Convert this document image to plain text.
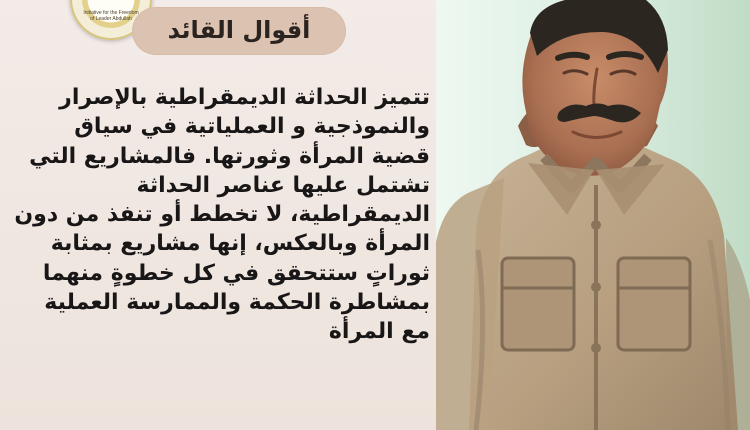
Initiative for the Freedom of Leader Abdullah	أقوال القائد
تتميز الحداثة الديمقراطية بالإصرار
والنموذجية و العملياتية في سياق
قضية المرأة وثورتها. فالمشاريع التي
تشتمل عليها عناصر الحداثة
الديمقراطية، لا تخطط أو تنفذ من دون
المرأة وبالعكس، إنها مشاريع بمثابة
ثوراتٍ ستتحقق في كل خطوةٍ منهما
بمشاطرة الحكمة والممارسة العملية
مع المرأة
